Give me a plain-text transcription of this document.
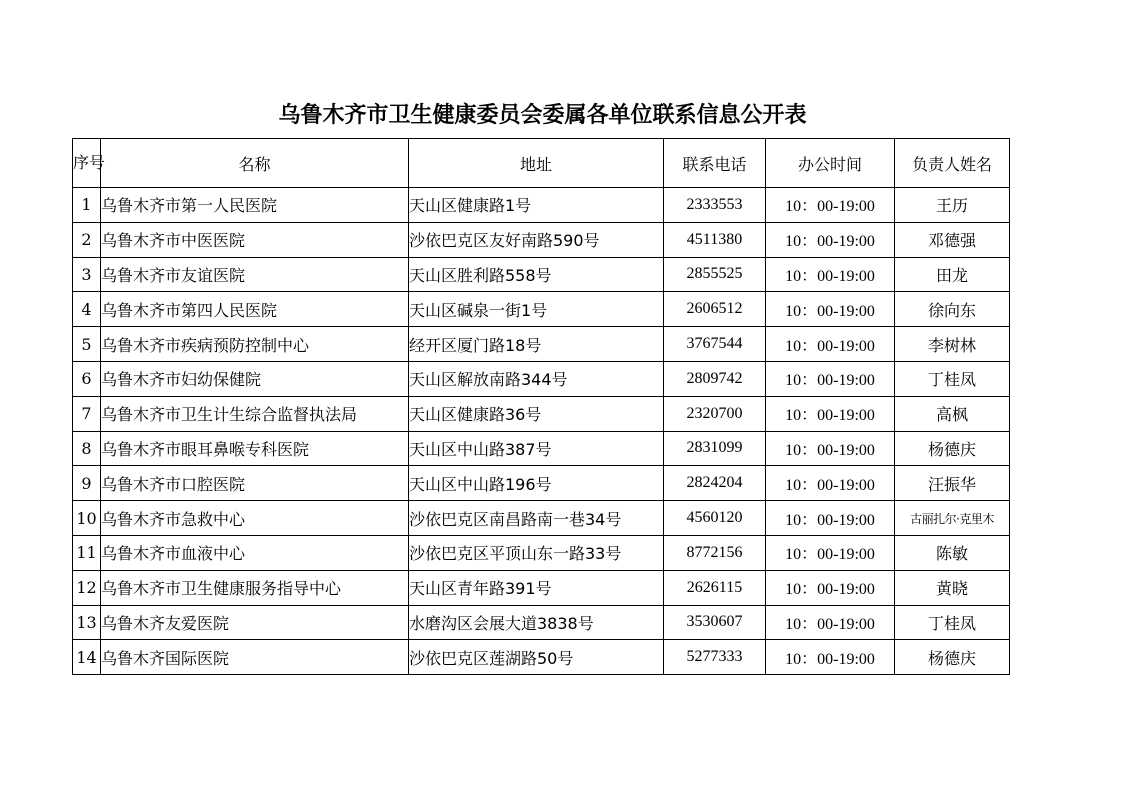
乌鲁木齐市卫生健康委员会委属各单位联系信息公开表
序号	名称	地址	联系电话	办公时间	负责人姓名
1	乌鲁木齐市第一人民医院	天山区健康路1号	2333553	10：00-19:00	王历
2	乌鲁木齐市中医医院	沙依巴克区友好南路590号	4511380	10：00-19:00	邓德强
3	乌鲁木齐市友谊医院	天山区胜利路558号	2855525	10：00-19:00	田龙
4	乌鲁木齐市第四人民医院	天山区碱泉一街1号	2606512	10：00-19:00	徐向东
5	乌鲁木齐市疾病预防控制中心	经开区厦门路18号	3767544	10：00-19:00	李树林
6	乌鲁木齐市妇幼保健院	天山区解放南路344号	2809742	10：00-19:00	丁桂凤
7	乌鲁木齐市卫生计生综合监督执法局	天山区健康路36号	2320700	10：00-19:00	高枫
8	乌鲁木齐市眼耳鼻喉专科医院	天山区中山路387号	2831099	10：00-19:00	杨德庆
9	乌鲁木齐市口腔医院	天山区中山路196号	2824204	10：00-19:00	汪振华
10	乌鲁木齐市急救中心	沙依巴克区南昌路南一巷34号	4560120	10：00-19:00	古丽扎尔·克里木
11	乌鲁木齐市血液中心	沙依巴克区平顶山东一路33号	8772156	10：00-19:00	陈敏
12	乌鲁木齐市卫生健康服务指导中心	天山区青年路391号	2626115	10：00-19:00	黄晓
13	乌鲁木齐友爱医院	水磨沟区会展大道3838号	3530607	10：00-19:00	丁桂凤
14	乌鲁木齐国际医院	沙依巴克区莲湖路50号	5277333	10：00-19:00	杨德庆
